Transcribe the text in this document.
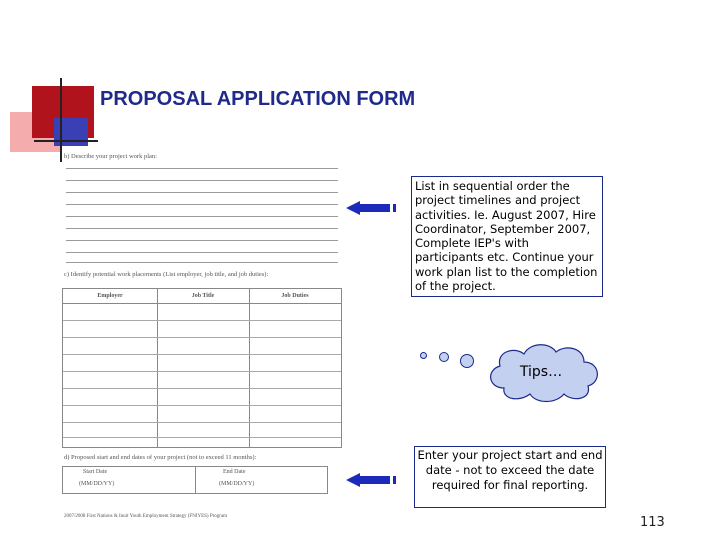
PROPOSAL APPLICATION FORM
b) Describe your project work plan:
c) Identify potential work placements (List employer, job title, and job duties):
Employer	Job Title	Job Duties
d) Proposed start and end dates of your project (not to exceed 11 months):
Start Date
(MM/DD/YY)
End Date
(MM/DD/YY)
2007/2008 First Nations & Inuit Youth Employment Strategy (FNIYES) Program
List in sequential order the project timelines and project activities. Ie. August 2007, Hire Coordinator, September 2007, Complete IEP's with participants etc. Continue your work plan list to the completion of the project.
Tips…
Enter your project start and end date - not to exceed the date required for final reporting.
113
